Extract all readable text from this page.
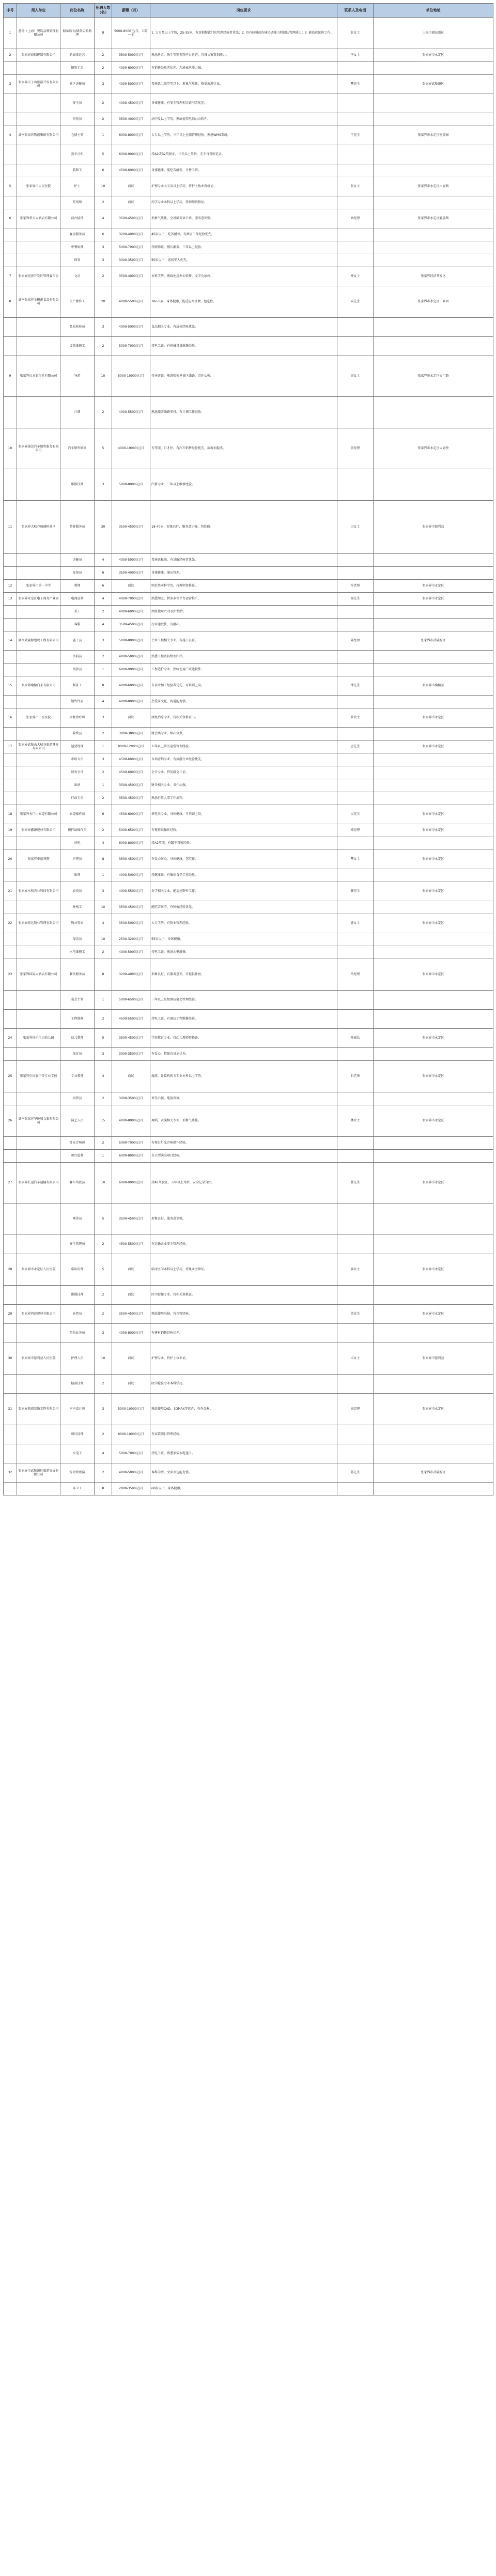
序号	用人单位	岗位名称	招聘人数（名）	薪酬（月）	岗位要求	联系人及电话	单位地址
1	蓝湾（上海）餐饮品牌管理有限公司	储备店长/储备店长助理	8	5000-8000元/月，五险一金	1. 大专及以上学历，25-35岁，有连锁餐饮门店管理经验者优先；2. 具有较强的沟通协调能力和团队管理能力；3. 能适应轮班工作。	彭女士	上海市浦东新区
2	张家界商联传媒有限公司	新媒体运营	2	3500-5000元/月	熟悉抖音、快手等短视频平台运营，具备文案策划能力。	李女士	张家界市永定区
		销售专员	2	4000-6000元/月	有销售经验者优先，沟通表达能力强。		
3	张家界天子山旅游开发有限公司	景区讲解员	3	4000-5000元/月	普通话二级甲等以上，形象气质佳，热爱旅游行业。	覃先生	张家界武陵源区
		安全员	2	4000-4500元/月	身体健康，有安全管理相关证书者优先。		
		售票员	2	3500-4000元/月	高中及以上学历，熟练使用电脑办公软件。		
4	湖南张家界物流集团有限公司	仓储主管	1	6000-8000元/月	大专以上学历，三年以上仓储管理经验，熟悉WMS系统。	王先生	张家界市永定区物流园
		货车司机	5	6000-9000元/月	持A2或B2驾驶证，三年以上驾龄，无不良驾驶记录。		
		装卸工	6	4500-6000元/月	身体健康，能吃苦耐劳，计件工资。		
5	张家界市人民医院	护士	10	面议	护理专业大专及以上学历，持护士执业资格证。	张女士	张家界市永定区古庸路
		药剂师	2	面议	药学专业本科以上学历，持药师资格证。		
6	张家界华天大酒店有限公司	前台接待	4	3500-4500元/月	形象气质佳，会基础英语口语，服务意识强。	刘经理	张家界市永定区解放路
		客房服务员	6	3200-4000元/月	45岁以下，吃苦耐劳，有酒店工作经验优先。		
		中餐厨师	3	5000-7000元/月	持厨师证，擅长湘菜，三年以上经验。		
		保安	3	3000-3500元/月	50岁以下，退伍军人优先。		
7	张家界经济开发区管理委员会	文员	2	3500-4000元/月	本科学历，熟练使用办公软件，文字功底好。	杨女士	张家界经济开发区
8	湖南张家界金鞭溪食品有限公司	生产操作工	20	4000-5500元/月	18-50岁，身体健康，能适应两班倒，包吃住。	向先生	张家界市永定区工业园
		品质检验员	3	4000-5000元/月	食品相关专业，有质检经验优先。		
		设备维修工	2	5000-7000元/月	持电工证，有机械设备维修经验。		
9	张家界远方旅行社有限公司	导游	10	5000-10000元/月	持导游证，熟悉张家界景区线路，责任心强。	周女士	张家界市永定区天门路
		计调	2	4000-5500元/月	熟悉旅游线路安排，有计调工作经验。		
10	张家界通达汽车销售服务有限公司	汽车销售顾问	5	4000-10000元/月	有驾照，口才好，有汽车销售经验优先，底薪加提成。	黄经理	张家界市永定区大庸桥
		维修技师	3	5000-8000元/月	汽修专业，三年以上维修经验。		
11	张家界大峡谷玻璃桥景区	游客服务员	30	3500-4500元/月	18-40岁，形象良好，服务意识强，包住宿。	田女士	张家界市慈利县
		讲解员	4	4000-5000元/月	普通话标准，有讲解经验者优先。		
		安保员	6	3500-4000元/月	身体健康，服从管理。		
12	张家界市第一中学	教师	6	面议	师范类本科学历，持教师资格证。	符老师	张家界市永定区
13	张家界永定区电子商务产业园	电商运营	4	4000-7000元/月	熟悉淘宝、拼多多等平台运营推广。	谢先生	张家界市永定区
		美工	2	4000-6000元/月	熟练使用PS等设计软件。		
		客服	4	3500-4500元/月	打字速度快，有耐心。		
14	湖南武陵源建设工程有限公司	施工员	3	5000-8000元/月	土木工程相关专业，有施工员证。	陈经理	张家界市武陵源区
		资料员	2	4000-5000元/月	熟悉工程资料整理归档。		
		预算员	1	6000-9000元/月	工程造价专业，熟练使用广联达软件。		
15	张家界桑植白茶有限公司	制茶工	8	4000-6000元/月	有茶叶加工经验者优先，可培训上岗。	钟先生	张家界市桑植县
		销售代表	4	4000-8000元/月	热爱茶文化，沟通能力强。		
16	张家界市中医医院	康复治疗师	3	面议	康复治疗专业，持相关资格证书。	罗女士	张家界市永定区
		收费员	2	3000-3800元/月	财会类专业，细心负责。		
17	张家界武陵山大峡谷旅游开发有限公司	运营经理	1	8000-12000元/月	五年以上景区运营管理经验。	唐先生	张家界市永定区
		市场专员	3	4500-6000元/月	市场营销专业，有旅游行业经验优先。		
		财务会计	2	4500-6000元/月	会计专业，持初级会计证。		
		出纳	1	3500-4500元/月	财务相关专业，责任心强。		
		行政专员	2	3500-4500元/月	熟悉行政人事工作流程。		
18	张家界天门山索道有限公司	索道操作员	6	4500-6000元/月	机电类专业，身体健康，可培训上岗。	吴先生	张家界市永定区
19	张家界鑫源建材有限公司	搅拌站操作员	2	5000-6500元/月	有搅拌站操作经验。	邓经理	张家界市永定区
		司机	4	6000-8000元/月	持A2驾照，有罐车驾驶经验。		
20	张家界市福利院	护理员	8	3500-4500元/月	有爱心耐心，身体健康，包吃住。	覃女士	张家界市永定区
		厨师	1	4000-5000元/月	持健康证，有集体食堂工作经验。		
21	张家界永和农业科技有限公司	农技员	3	4000-5500元/月	农学相关专业，能适应野外工作。	龚先生	张家界市永定区
		种植工	10	3500-4500元/月	能吃苦耐劳，有种植经验优先。		
22	张家界宏达物业管理有限公司	物业管家	4	3500-5000元/月	大专学历，有物业管理经验。	郭女士	张家界市永定区
		保洁员	10	2500-3200元/月	55岁以下，身体健康。		
		水电维修工	2	4000-5000元/月	持电工证，熟悉水电维修。		
23	张家界国际大酒店有限公司	餐饮服务员	8	3200-4000元/月	形象良好，有服务意识，可提供住宿。	马经理	张家界市永定区
		宴会主管	1	5000-6500元/月	三年以上星级酒店宴会管理经验。		
		工程维修	2	4500-5500元/月	持电工证，有酒店工程维修经验。		
24	张家界快乐宝贝幼儿园	幼儿教师	5	3500-4500元/月	学前教育专业，持幼儿教师资格证。	孙园长	张家界市永定区
		保育员	3	3000-3500元/月	有爱心，持保育员证优先。		
25	张家界市民族中等专业学校	专业教师	4	面议	旅游、计算机相关专业本科以上学历。	石老师	张家界市永定区
		宿管员	2	3000-3500元/月	责任心强，能值夜班。		
26	湖南张家界华侨城文旅有限公司	演艺人员	15	4000-8000元/月	舞蹈、表演相关专业，形象气质佳。	林女士	张家界市永定区
		灯光音响师	2	5000-7000元/月	有舞台灯光音响操作经验。		
		舞台监督	1	6000-8000元/月	有大型演出项目经验。		
27	张家界长运汽车运输有限公司	客车驾驶员	10	6000-9000元/月	持A1驾驶证，五年以上驾龄，安全记录良好。	曾先生	张家界市永定区
		乘务员	5	3500-4500元/月	形象良好，服务意识强。		
		安全管理员	2	4500-5500元/月	有运输企业安全管理经验。		
28	张家界市永定区人民医院	临床医师	5	面议	临床医学本科以上学历，持执业医师证。	廖女士	张家界市永定区
		影像技师	2	面议	医学影像专业，持相关资格证。		
29	张家界鸿运建材有限公司	仓管员	2	3500-4500元/月	熟练使用电脑，有仓管经验。	贺先生	张家界市永定区
		销售业务员	3	4000-8000元/月	有建材销售经验优先。		
30	张家界市慈利县人民医院	护理人员	10	面议	护理专业，持护士执业证。	卓女士	张家界市慈利县
		检验技师	2	面议	医学检验专业本科学历。		
31	张家界鼎盛装饰工程有限公司	室内设计师	3	5000-10000元/月	熟练使用CAD、3DMAX等软件，有作品集。	康经理	张家界市永定区
		项目经理	2	6000-10000元/月	有家装项目管理经验。		
		水电工	4	5000-7000元/月	持电工证，熟悉家装水电施工。		
32	张家界市武陵源区旅游发展有限公司	综合管理岗	2	4000-5000元/月	本科学历，文字表达能力强。	蒋先生	张家界市武陵源区
		环卫工	8	2800-3500元/月	60岁以下，身体健康。		
